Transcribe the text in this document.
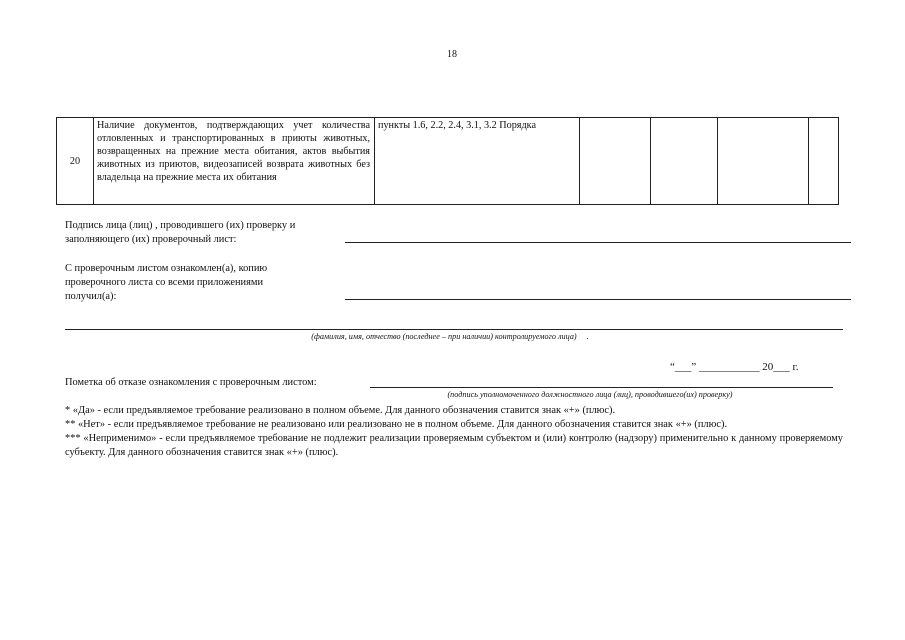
18
20	Наличие документов, подтверждающих учет количества отловленных и транспортированных в приюты животных, возвращенных на прежние места обитания, актов выбытия животных из приютов, видеозаписей возврата животных без владельца на прежние места их обитания	пункты 1.6, 2.2, 2.4, 3.1, 3.2 Порядка				
Подпись лица (лиц) , проводившего (их) проверку и
заполняющего (их) проверочный лист:
С проверочным листом ознакомлен(а), копию
проверочного листа со всеми приложениями
получил(а):
(фамилия, имя, отчество (последнее – при наличии) контролируемого лица) .
“___” ___________ 20___ г.
Пометка об отказе ознакомления с проверочным листом:
(подпись уполномоченного должностного лица (лиц), проводившего(их) проверку)

* «Да» - если предъявляемое требование реализовано в полном объеме. Для данного обозначения ставится знак «+» (плюс).

** «Нет» - если предъявляемое требование не реализовано или реализовано не в полном объеме. Для данного обозначения ставится знак «+» (плюс).

*** «Неприменимо» - если предъявляемое требование не подлежит реализации проверяемым субъектом и (или) контролю (надзору) применительно к данному проверяемому субъекту. Для данного обозначения ставится знак «+» (плюс).
